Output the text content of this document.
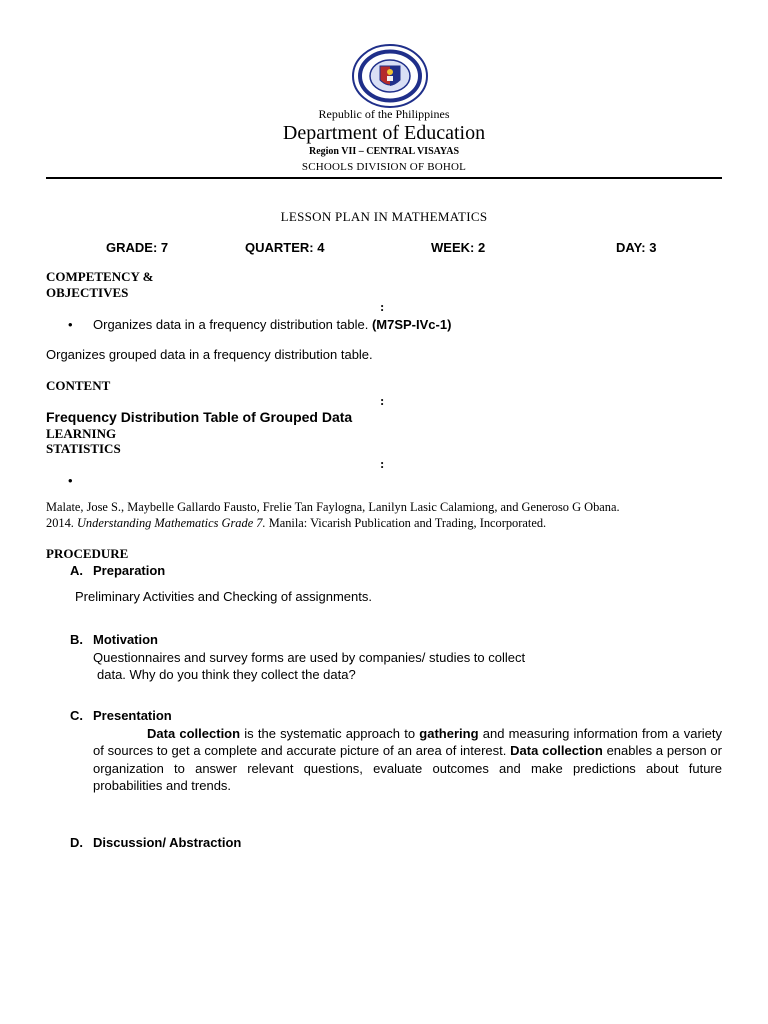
Republic of the Philippines
Department of Education
Region VII – CENTRAL VISAYAS
SCHOOLS DIVISION OF BOHOL
LESSON PLAN IN MATHEMATICS
GRADE: 7	QUARTER: 4	WEEK: 2	DAY: 3
COMPETENCY &
OBJECTIVES
:
• Organizes data in a frequency distribution table. (M7SP-IVc-1)
Organizes grouped data in a frequency distribution table.
CONTENT
:
Frequency Distribution Table of Grouped Data
LEARNING
STATISTICS
:
•
Malate, Jose S., Maybelle Gallardo Fausto, Frelie Tan Faylogna, Lanilyn Lasic Calamiong, and Generoso G Obana.
2014. Understanding Mathematics Grade 7. Manila: Vicarish Publication and Trading, Incorporated.
PROCEDURE
A. Preparation
Preliminary Activities and Checking of assignments.
B. Motivation
Questionnaires and survey forms are used by companies/ studies to collect
data. Why do you think they collect the data?
C. Presentation
Data collection is the systematic approach to gathering and measuring information from a variety of sources to get a complete and accurate picture of an area of interest. Data collection enables a person or organization to answer relevant questions, evaluate outcomes and make predictions about future probabilities and trends.
D. Discussion/ Abstraction
